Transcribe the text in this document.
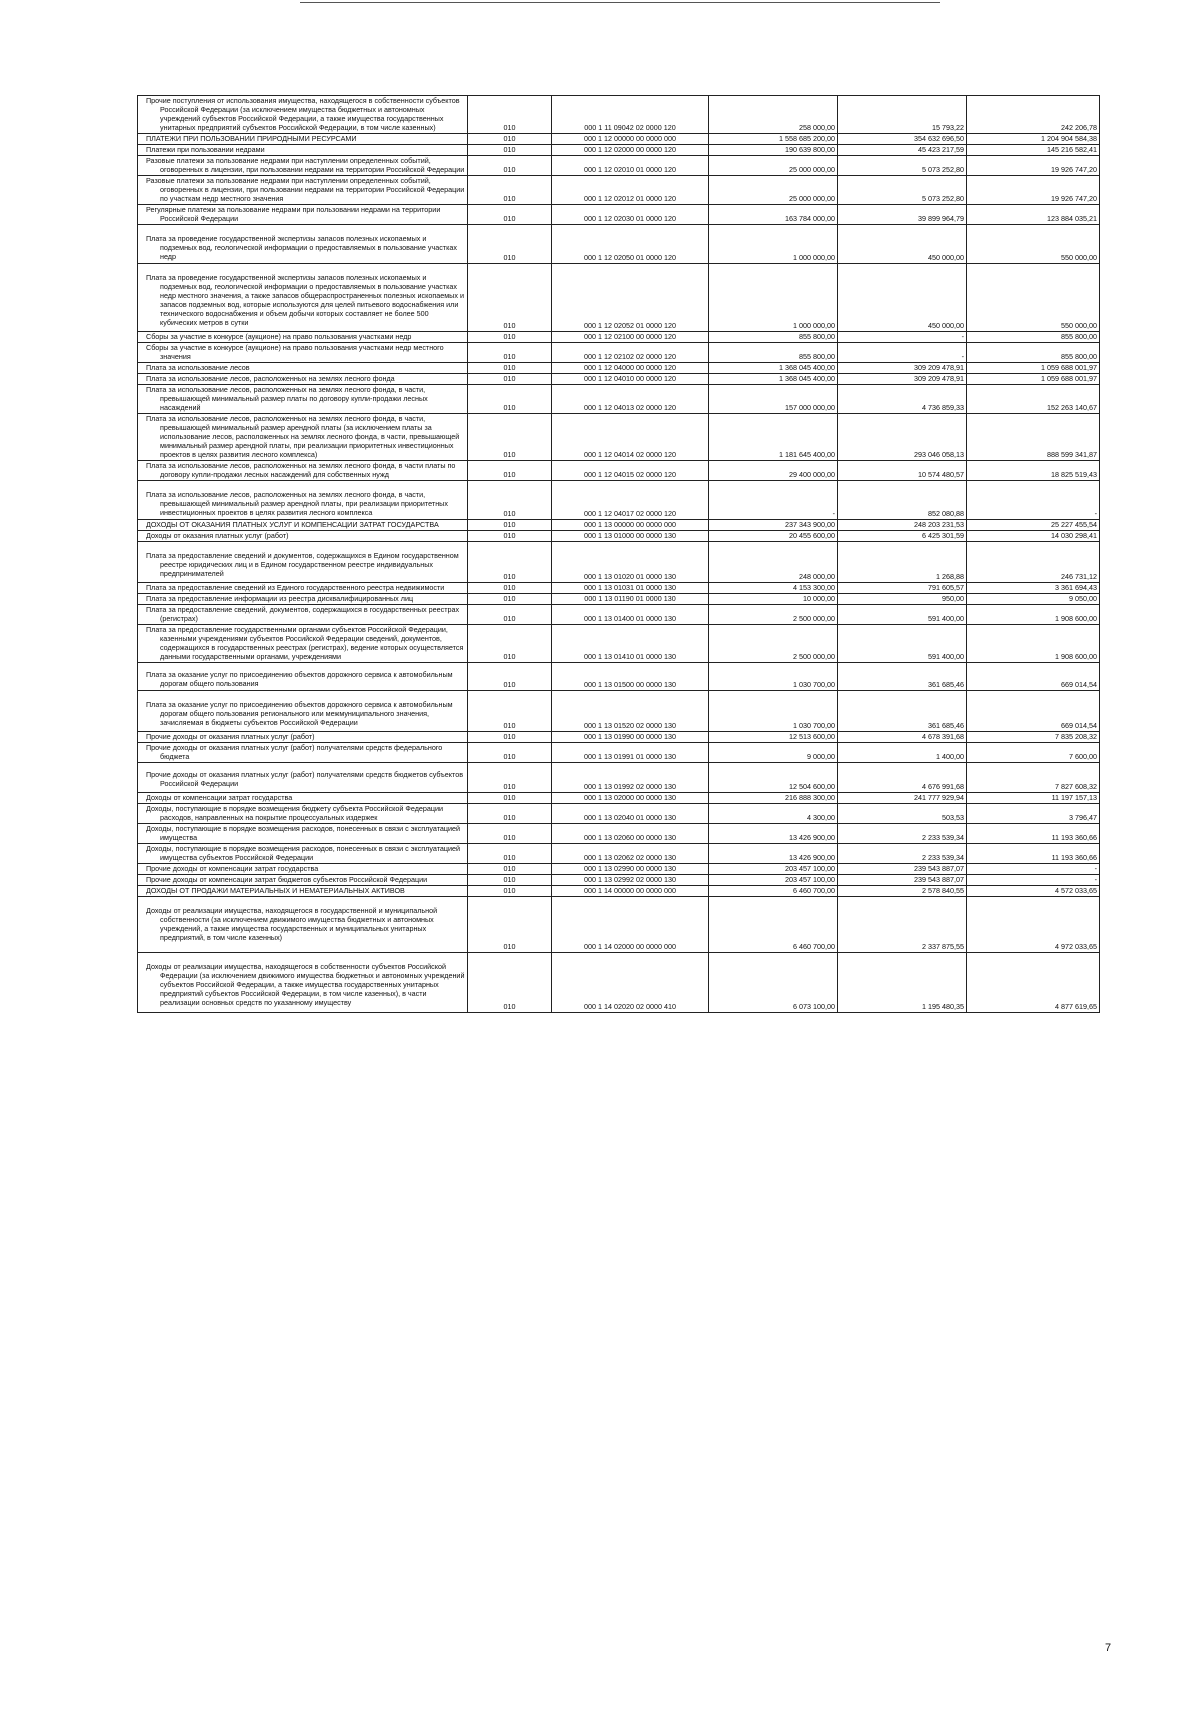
Прочие поступления от использования имущества, находящегося в собственности субъектов Российской Федерации (за исключением имущества бюджетных и автономных учреждений субъектов Российской Федерации, а также имущества государственных унитарных предприятий субъектов Российской Федерации, в том числе казенных)	010	000 1 11 09042 02 0000 120	258 000,00	15 793,22	242 206,78
ПЛАТЕЖИ ПРИ ПОЛЬЗОВАНИИ ПРИРОДНЫМИ РЕСУРСАМИ	010	000 1 12 00000 00 0000 000	1 558 685 200,00	354 632 696,50	1 204 904 584,38
Платежи при пользовании недрами	010	000 1 12 02000 00 0000 120	190 639 800,00	45 423 217,59	145 216 582,41
Разовые платежи за пользование недрами при наступлении определенных событий, оговоренных в лицензии, при пользовании недрами на территории Российской Федерации	010	000 1 12 02010 01 0000 120	25 000 000,00	5 073 252,80	19 926 747,20
Разовые платежи за пользование недрами при наступлении определенных событий, оговоренных в лицензии, при пользовании недрами на территории Российской Федерации по участкам недр местного значения	010	000 1 12 02012 01 0000 120	25 000 000,00	5 073 252,80	19 926 747,20
Регулярные платежи за пользование недрами при пользовании недрами на территории Российской Федерации	010	000 1 12 02030 01 0000 120	163 784 000,00	39 899 964,79	123 884 035,21
Плата за проведение государственной экспертизы запасов полезных ископаемых и подземных вод, геологической информации о предоставляемых в пользование участках недр	010	000 1 12 02050 01 0000 120	1 000 000,00	450 000,00	550 000,00
Плата за проведение государственной экспертизы запасов полезных ископаемых и подземных вод, геологической информации о предоставляемых в пользование участках недр местного значения, а также запасов общераспространенных полезных ископаемых и запасов подземных вод, которые используются для целей питьевого водоснабжения или технического водоснабжения и объем добычи которых составляет не более 500 кубических метров в сутки	010	000 1 12 02052 01 0000 120	1 000 000,00	450 000,00	550 000,00
Сборы за участие в конкурсе (аукционе) на право пользования участками недр	010	000 1 12 02100 00 0000 120	855 800,00	-	855 800,00
Сборы за участие в конкурсе (аукционе) на право пользования участками недр местного значения	010	000 1 12 02102 02 0000 120	855 800,00	-	855 800,00
Плата за использование лесов	010	000 1 12 04000 00 0000 120	1 368 045 400,00	309 209 478,91	1 059 688 001,97
Плата за использование лесов, расположенных на землях лесного фонда	010	000 1 12 04010 00 0000 120	1 368 045 400,00	309 209 478,91	1 059 688 001,97
Плата за использование лесов, расположенных на землях лесного фонда, в части, превышающей минимальный размер платы по договору купли-продажи лесных насаждений	010	000 1 12 04013 02 0000 120	157 000 000,00	4 736 859,33	152 263 140,67
Плата за использование лесов, расположенных на землях лесного фонда, в части, превышающей минимальный размер арендной платы (за исключением платы за использование лесов, расположенных на землях лесного фонда, в части, превышающей минимальный размер арендной платы, при реализации приоритетных инвестиционных проектов в целях развития лесного комплекса)	010	000 1 12 04014 02 0000 120	1 181 645 400,00	293 046 058,13	888 599 341,87
Плата за использование лесов, расположенных на землях лесного фонда, в части платы по договору купли-продажи лесных насаждений для собственных нужд	010	000 1 12 04015 02 0000 120	29 400 000,00	10 574 480,57	18 825 519,43
Плата за использование лесов, расположенных на землях лесного фонда, в части, превышающей минимальный размер арендной платы, при реализации приоритетных инвестиционных проектов в целях развития лесного комплекса	010	000 1 12 04017 02 0000 120	-	852 080,88	-
ДОХОДЫ ОТ ОКАЗАНИЯ ПЛАТНЫХ УСЛУГ И КОМПЕНСАЦИИ ЗАТРАТ ГОСУДАРСТВА	010	000 1 13 00000 00 0000 000	237 343 900,00	248 203 231,53	25 227 455,54
Доходы от оказания платных услуг (работ)	010	000 1 13 01000 00 0000 130	20 455 600,00	6 425 301,59	14 030 298,41
Плата за предоставление сведений и документов, содержащихся в Едином государственном реестре юридических лиц и в Едином государственном реестре индивидуальных предпринимателей	010	000 1 13 01020 01 0000 130	248 000,00	1 268,88	246 731,12
Плата за предоставление сведений из Единого государственного реестра недвижимости	010	000 1 13 01031 01 0000 130	4 153 300,00	791 605,57	3 361 694,43
Плата за предоставление информации из реестра дисквалифицированных лиц	010	000 1 13 01190 01 0000 130	10 000,00	950,00	9 050,00
Плата за предоставление сведений, документов, содержащихся в государственных реестрах (регистрах)	010	000 1 13 01400 01 0000 130	2 500 000,00	591 400,00	1 908 600,00
Плата за предоставление государственными органами субъектов Российской Федерации, казенными учреждениями субъектов Российской Федерации сведений, документов, содержащихся в государственных реестрах (регистрах), ведение которых осуществляется данными государственными органами, учреждениями	010	000 1 13 01410 01 0000 130	2 500 000,00	591 400,00	1 908 600,00
Плата за оказание услуг по присоединению объектов дорожного сервиса к автомобильным дорогам общего пользования	010	000 1 13 01500 00 0000 130	1 030 700,00	361 685,46	669 014,54
Плата за оказание услуг по присоединению объектов дорожного сервиса к автомобильным дорогам общего пользования регионального или межмуниципального значения, зачисляемая в бюджеты субъектов Российской Федерации	010	000 1 13 01520 02 0000 130	1 030 700,00	361 685,46	669 014,54
Прочие доходы от оказания платных услуг (работ)	010	000 1 13 01990 00 0000 130	12 513 600,00	4 678 391,68	7 835 208,32
Прочие доходы от оказания платных услуг (работ) получателями средств федерального бюджета	010	000 1 13 01991 01 0000 130	9 000,00	1 400,00	7 600,00
Прочие доходы от оказания платных услуг (работ) получателями средств бюджетов субъектов Российской Федерации	010	000 1 13 01992 02 0000 130	12 504 600,00	4 676 991,68	7 827 608,32
Доходы от компенсации затрат государства	010	000 1 13 02000 00 0000 130	216 888 300,00	241 777 929,94	11 197 157,13
Доходы, поступающие в порядке возмещения бюджету субъекта Российской Федерации расходов, направленных на покрытие процессуальных издержек	010	000 1 13 02040 01 0000 130	4 300,00	503,53	3 796,47
Доходы, поступающие в порядке возмещения расходов, понесенных в связи с эксплуатацией имущества	010	000 1 13 02060 00 0000 130	13 426 900,00	2 233 539,34	11 193 360,66
Доходы, поступающие в порядке возмещения расходов, понесенных в связи с эксплуатацией имущества субъектов Российской Федерации	010	000 1 13 02062 02 0000 130	13 426 900,00	2 233 539,34	11 193 360,66
Прочие доходы от компенсации затрат государства	010	000 1 13 02990 00 0000 130	203 457 100,00	239 543 887,07	-
Прочие доходы от компенсации затрат бюджетов субъектов Российской Федерации	010	000 1 13 02992 02 0000 130	203 457 100,00	239 543 887,07	-
ДОХОДЫ ОТ ПРОДАЖИ МАТЕРИАЛЬНЫХ И НЕМАТЕРИАЛЬНЫХ АКТИВОВ	010	000 1 14 00000 00 0000 000	6 460 700,00	2 578 840,55	4 572 033,65
Доходы от реализации имущества, находящегося в государственной и муниципальной собственности (за исключением движимого имущества бюджетных и автономных учреждений, а также имущества государственных и муниципальных унитарных предприятий, в том числе казенных)	010	000 1 14 02000 00 0000 000	6 460 700,00	2 337 875,55	4 972 033,65
Доходы от реализации имущества, находящегося в собственности субъектов Российской Федерации (за исключением движимого имущества бюджетных и автономных учреждений субъектов Российской Федерации, а также имущества государственных унитарных предприятий субъектов Российской Федерации, в том числе казенных), в части реализации основных средств по указанному имуществу	010	000 1 14 02020 02 0000 410	6 073 100,00	1 195 480,35	4 877 619,65
7
